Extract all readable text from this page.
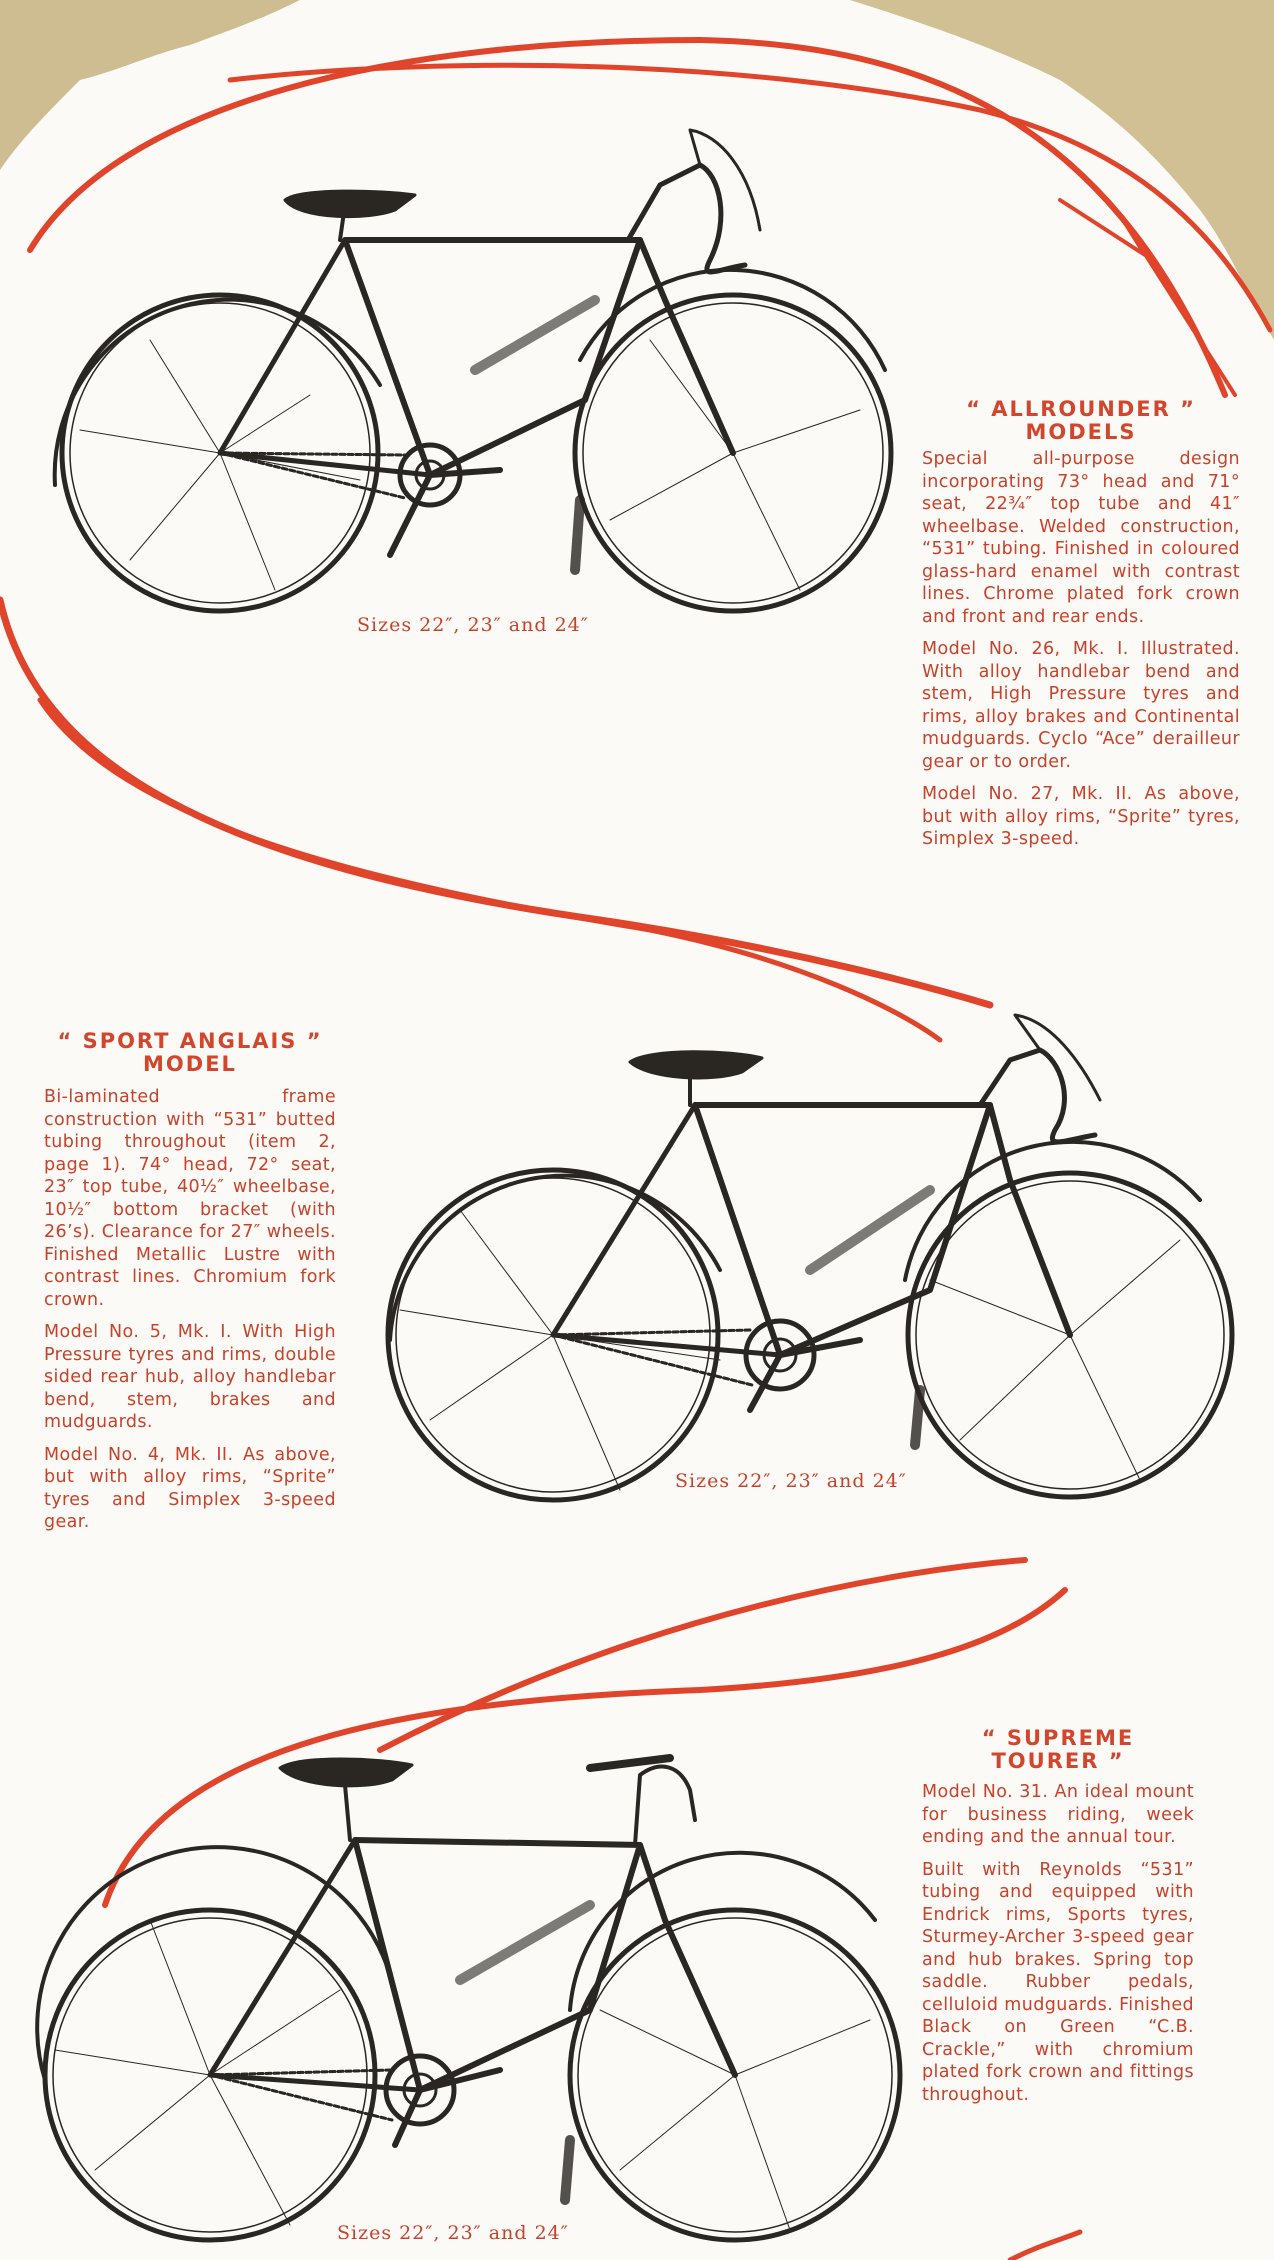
“ ALLROUNDER ”
MODELS

Special all-purpose design incorporating 73° head and 71° seat, 22¾″ top tube and 41″ wheelbase. Welded construction, “531” tubing. Finished in coloured glass-hard enamel with contrast lines. Chrome plated fork crown and front and rear ends.

Model No. 26, Mk. I. Illustrated. With alloy handlebar bend and stem, High Pressure tyres and rims, alloy brakes and Continental mudguards. Cyclo “Ace” derailleur gear or to order.

Model No. 27, Mk. II. As above, but with alloy rims, “Sprite” tyres, Simplex 3-speed.

Sizes 22″, 23″ and 24″
“ SPORT ANGLAIS ”
MODEL

Bi-laminated frame construction with “531” butted tubing throughout (item 2, page 1). 74° head, 72° seat, 23″ top tube, 40½″ wheelbase, 10½″ bottom bracket (with 26’s). Clearance for 27″ wheels. Finished Metallic Lustre with contrast lines. Chromium fork crown.

Model No. 5, Mk. I. With High Pressure tyres and rims, double sided rear hub, alloy handlebar bend, stem, brakes and mudguards.

Model No. 4, Mk. II. As above, but with alloy rims, “Sprite” tyres and Simplex 3-speed gear.

Sizes 22″, 23″ and 24″
“ SUPREME
TOURER ”

Model No. 31. An ideal mount for business riding, week ending and the annual tour.

Built with Reynolds “531” tubing and equipped with Endrick rims, Sports tyres, Sturmey-Archer 3-speed gear and hub brakes. Spring top saddle. Rubber pedals, celluloid mudguards. Finished Black on Green “C.B. Crackle,” with chromium plated fork crown and fittings throughout.

Sizes 22″, 23″ and 24″
